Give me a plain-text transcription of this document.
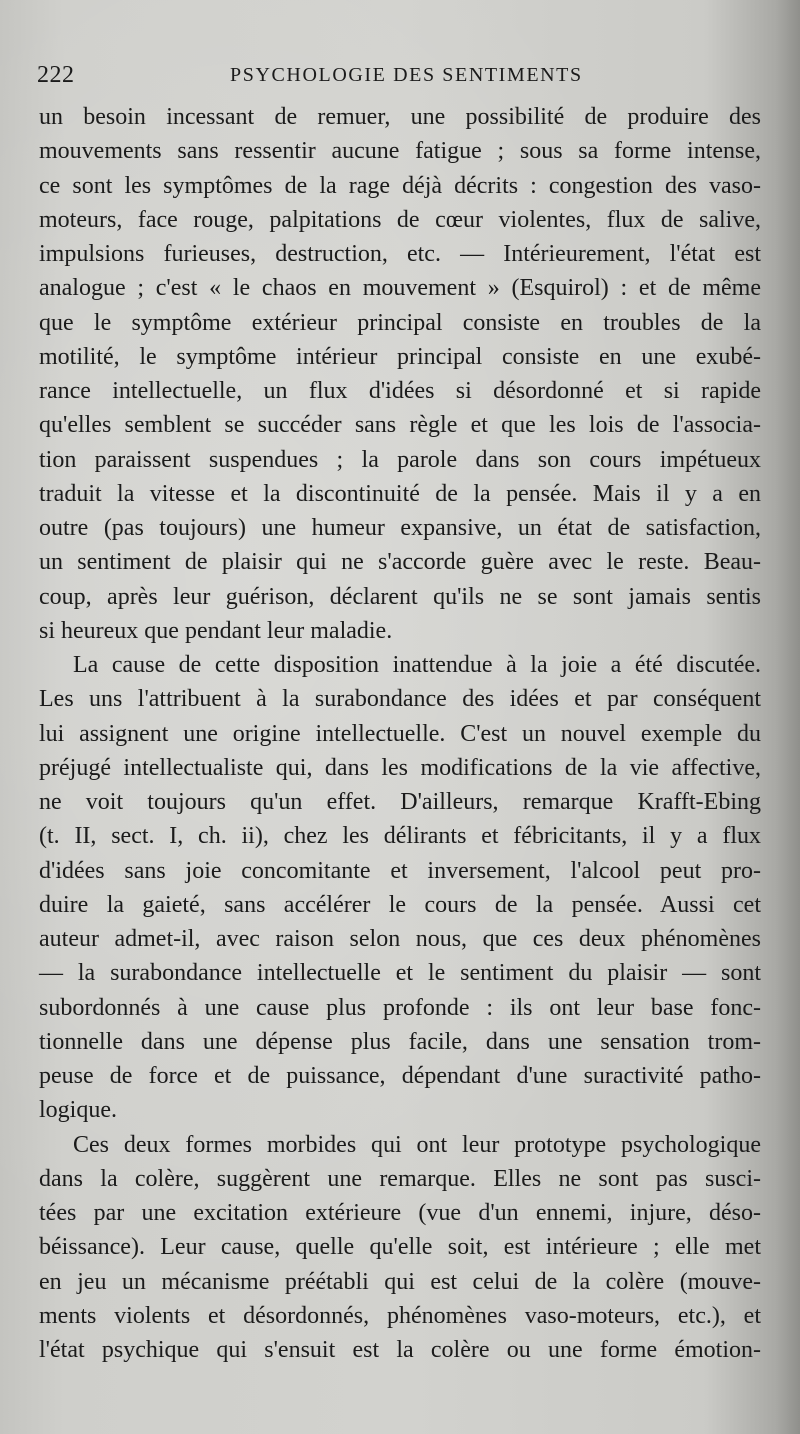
222	PSYCHOLOGIE DES SENTIMENTS
un besoin incessant de remuer, une possibilité de produire des
mouvements sans ressentir aucune fatigue ; sous sa forme intense,
ce sont les symptômes de la rage déjà décrits : congestion des vaso-
moteurs, face rouge, palpitations de cœur violentes, flux de salive,
impulsions furieuses, destruction, etc. — Intérieurement, l'état est
analogue ; c'est « le chaos en mouvement » (Esquirol) : et de même
que le symptôme extérieur principal consiste en troubles de la
motilité, le symptôme intérieur principal consiste en une exubé-
rance intellectuelle, un flux d'idées si désordonné et si rapide
qu'elles semblent se succéder sans règle et que les lois de l'associa-
tion paraissent suspendues ; la parole dans son cours impétueux
traduit la vitesse et la discontinuité de la pensée. Mais il y a en
outre (pas toujours) une humeur expansive, un état de satisfaction,
un sentiment de plaisir qui ne s'accorde guère avec le reste. Beau-
coup, après leur guérison, déclarent qu'ils ne se sont jamais sentis
si heureux que pendant leur maladie.
La cause de cette disposition inattendue à la joie a été discutée.
Les uns l'attribuent à la surabondance des idées et par conséquent
lui assignent une origine intellectuelle. C'est un nouvel exemple du
préjugé intellectualiste qui, dans les modifications de la vie affective,
ne voit toujours qu'un effet. D'ailleurs, remarque Krafft-Ebing
(t. II, sect. I, ch. ii), chez les délirants et fébricitants, il y a flux
d'idées sans joie concomitante et inversement, l'alcool peut pro-
duire la gaieté, sans accélérer le cours de la pensée. Aussi cet
auteur admet-il, avec raison selon nous, que ces deux phénomènes
— la surabondance intellectuelle et le sentiment du plaisir — sont
subordonnés à une cause plus profonde : ils ont leur base fonc-
tionnelle dans une dépense plus facile, dans une sensation trom-
peuse de force et de puissance, dépendant d'une suractivité patho-
logique.
Ces deux formes morbides qui ont leur prototype psychologique
dans la colère, suggèrent une remarque. Elles ne sont pas susci-
tées par une excitation extérieure (vue d'un ennemi, injure, déso-
béissance). Leur cause, quelle qu'elle soit, est intérieure ; elle met
en jeu un mécanisme préétabli qui est celui de la colère (mouve-
ments violents et désordonnés, phénomènes vaso-moteurs, etc.), et
l'état psychique qui s'ensuit est la colère ou une forme émotion-
